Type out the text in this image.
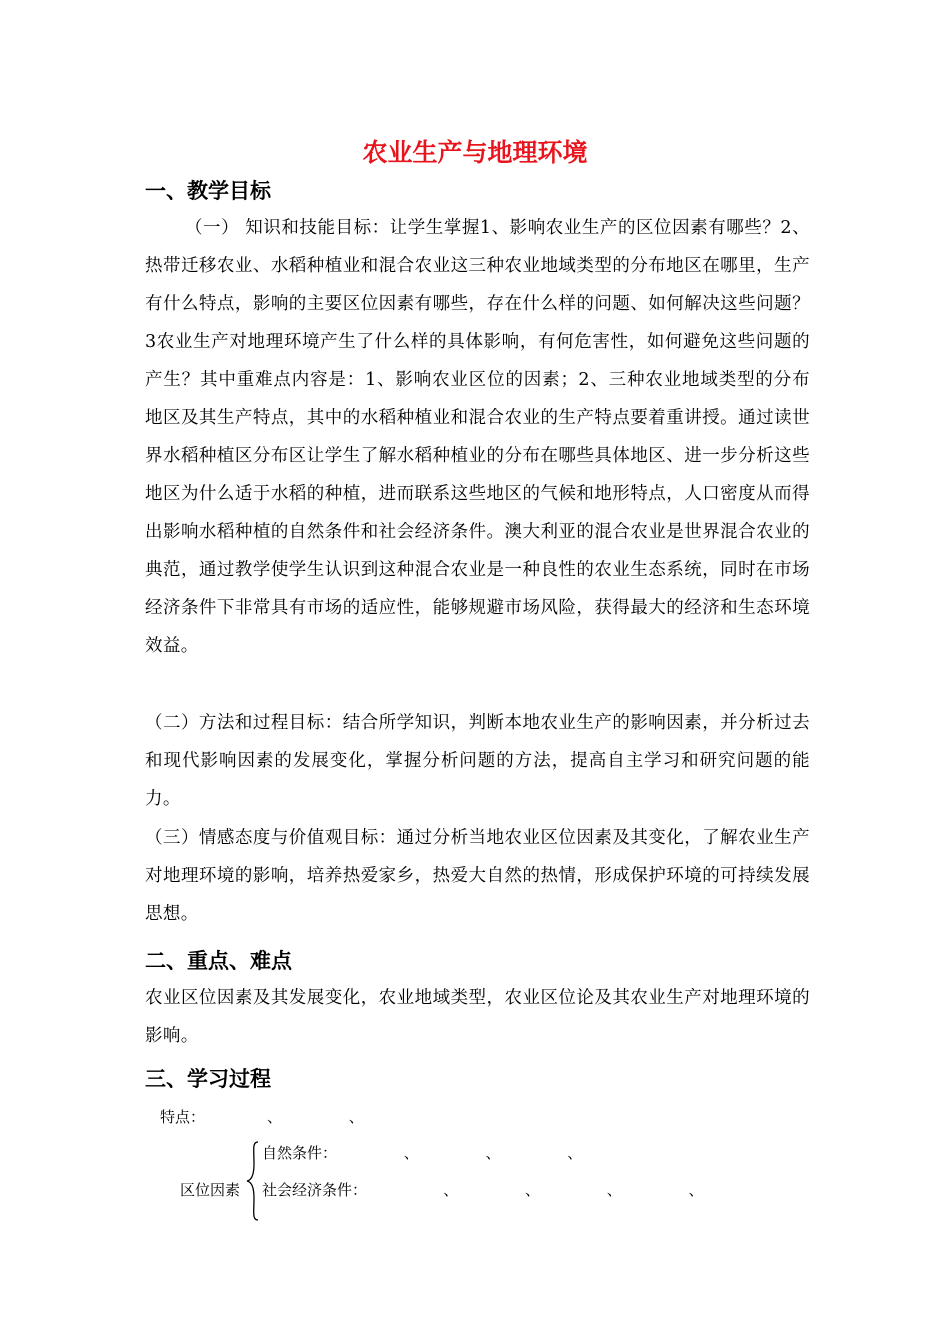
农业生产与地理环境
一、教学目标
（一） 知识和技能目标：让学生掌握1、影响农业生产的区位因素有哪些？2、热带迁移农业、水稻种植业和混合农业这三种农业地域类型的分布地区在哪里，生产有什么特点，影响的主要区位因素有哪些，存在什么样的问题、如何解决这些问题？3农业生产对地理环境产生了什么样的具体影响，有何危害性，如何避免这些问题的产生？其中重难点内容是：1、影响农业区位的因素；2、三种农业地域类型的分布地区及其生产特点，其中的水稻种植业和混合农业的生产特点要着重讲授。通过读世界水稻种植区分布区让学生了解水稻种植业的分布在哪些具体地区、进一步分析这些地区为什么适于水稻的种植，进而联系这些地区的气候和地形特点，人口密度从而得出影响水稻种植的自然条件和社会经济条件。澳大利亚的混合农业是世界混合农业的典范，通过教学使学生认识到这种混合农业是一种良性的农业生态系统，同时在市场经济条件下非常具有市场的适应性，能够规避市场风险，获得最大的经济和生态环境效益。
（二）方法和过程目标：结合所学知识，判断本地农业生产的影响因素，并分析过去和现代影响因素的发展变化，掌握分析问题的方法，提高自主学习和研究问题的能力。
（三）情感态度与价值观目标：通过分析当地农业区位因素及其变化，了解农业生产对地理环境的影响，培养热爱家乡，热爱大自然的热情，形成保护环境的可持续发展思想。
二、重点、难点
农业区位因素及其发展变化，农业地域类型，农业区位论及其农业生产对地理环境的影响。
三、学习过程
特点：             、              、
自然条件：              、              、              、
区位因素 社会经济条件：                、              、              、              、
